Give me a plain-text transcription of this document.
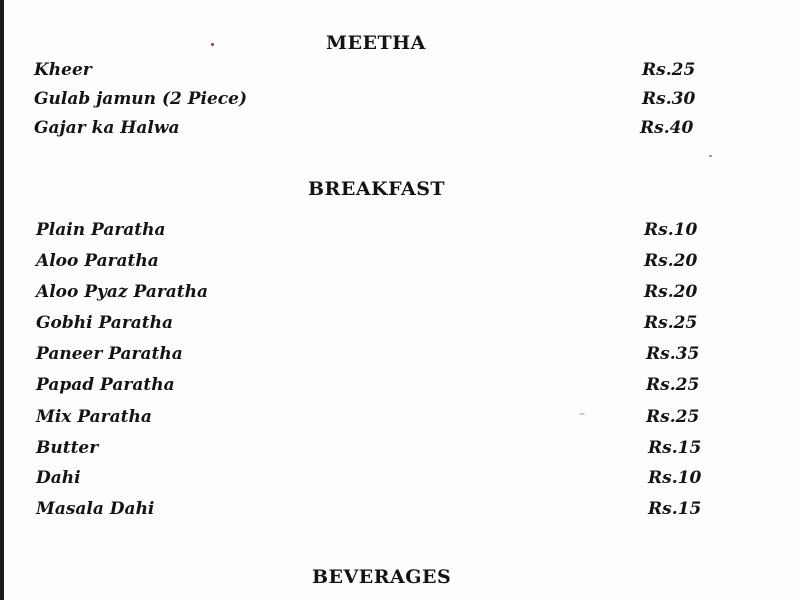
MEETHA
Kheer	Rs.25
Gulab jamun (2 Piece)	Rs.30
Gajar ka Halwa	Rs.40
BREAKFAST
Plain Paratha	Rs.10
Aloo Paratha	Rs.20
Aloo Pyaz Paratha	Rs.20
Gobhi Paratha	Rs.25
Paneer Paratha	Rs.35
Papad Paratha	Rs.25
Mix Paratha	Rs.25
Butter	Rs.15
Dahi	Rs.10
Masala Dahi	Rs.15
BEVERAGES
